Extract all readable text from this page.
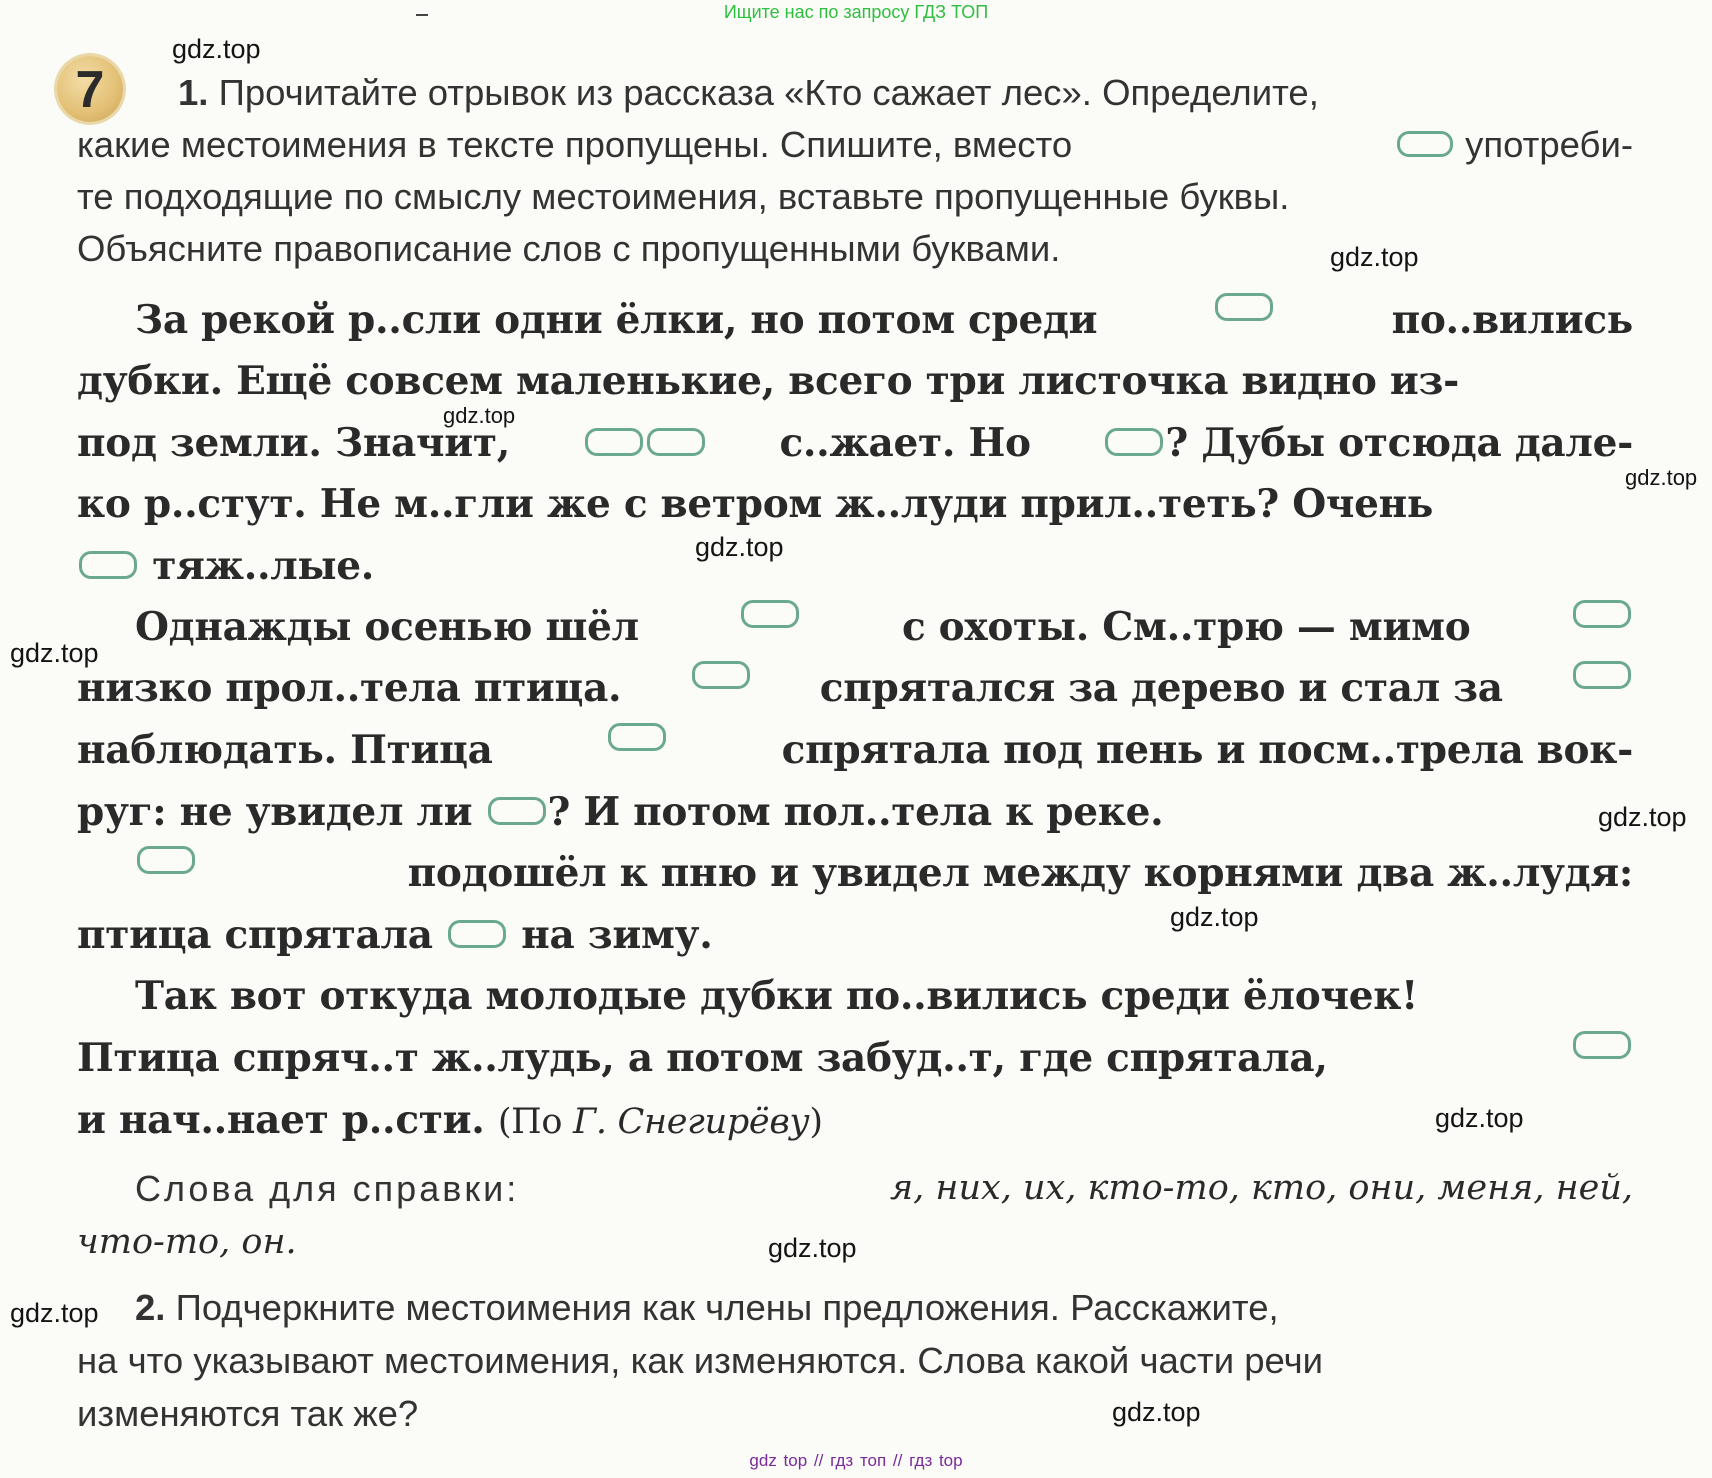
Ищите нас по запросу ГДЗ ТОП
7
gdz.top
gdz.top
gdz.top
gdz.top
gdz.top
gdz.top
gdz.top
gdz.top
gdz.top
gdz.top
gdz.top
gdz.top
1. Прочитайте отрывок из рассказа «Кто сажает лес». Определите,
какие местоимения в тексте пропущены. Спишите, вместо	употреби-
те подходящие по смыслу местоимения, вставьте пропущенные буквы.
Объясните правописание слов с пропущенными буквами.
За рекой р..сли одни ёлки, но потом среди	по..вились
дубки. Ещё совсем маленькие, всего три листочка видно из-
под земли. Значит,	с..жает. Но	? Дубы отсюда дале-
ко р..стут. Не м..гли же с ветром ж..луди прил..теть? Очень
тяж..лые.
Однажды осенью шёл	с охоты. См..трю — мимо
низко прол..тела птица.	спрятался за дерево и стал за
наблюдать. Птица	спрятала под пень и посм..трела вок-
руг: не увидел ли ? И потом пол..тела к реке.
подошёл к пню и увидел между корнями два ж..лудя:
птица спрятала на зиму.
Так вот откуда молодые дубки по..вились среди ёлочек!
Птица спряч..т ж..лудь, а потом забуд..т, где спрятала,
и нач..нает р..сти. (По Г. Снегирёву)
Слова для справки:	я, них, их, кто-то, кто, они, меня, ней,
что-то, он.
2. Подчеркните местоимения как члены предложения. Расскажите,
на что указывают местоимения, как изменяются. Слова какой части речи
изменяются так же?
gdz top // гдз топ // гдз top
